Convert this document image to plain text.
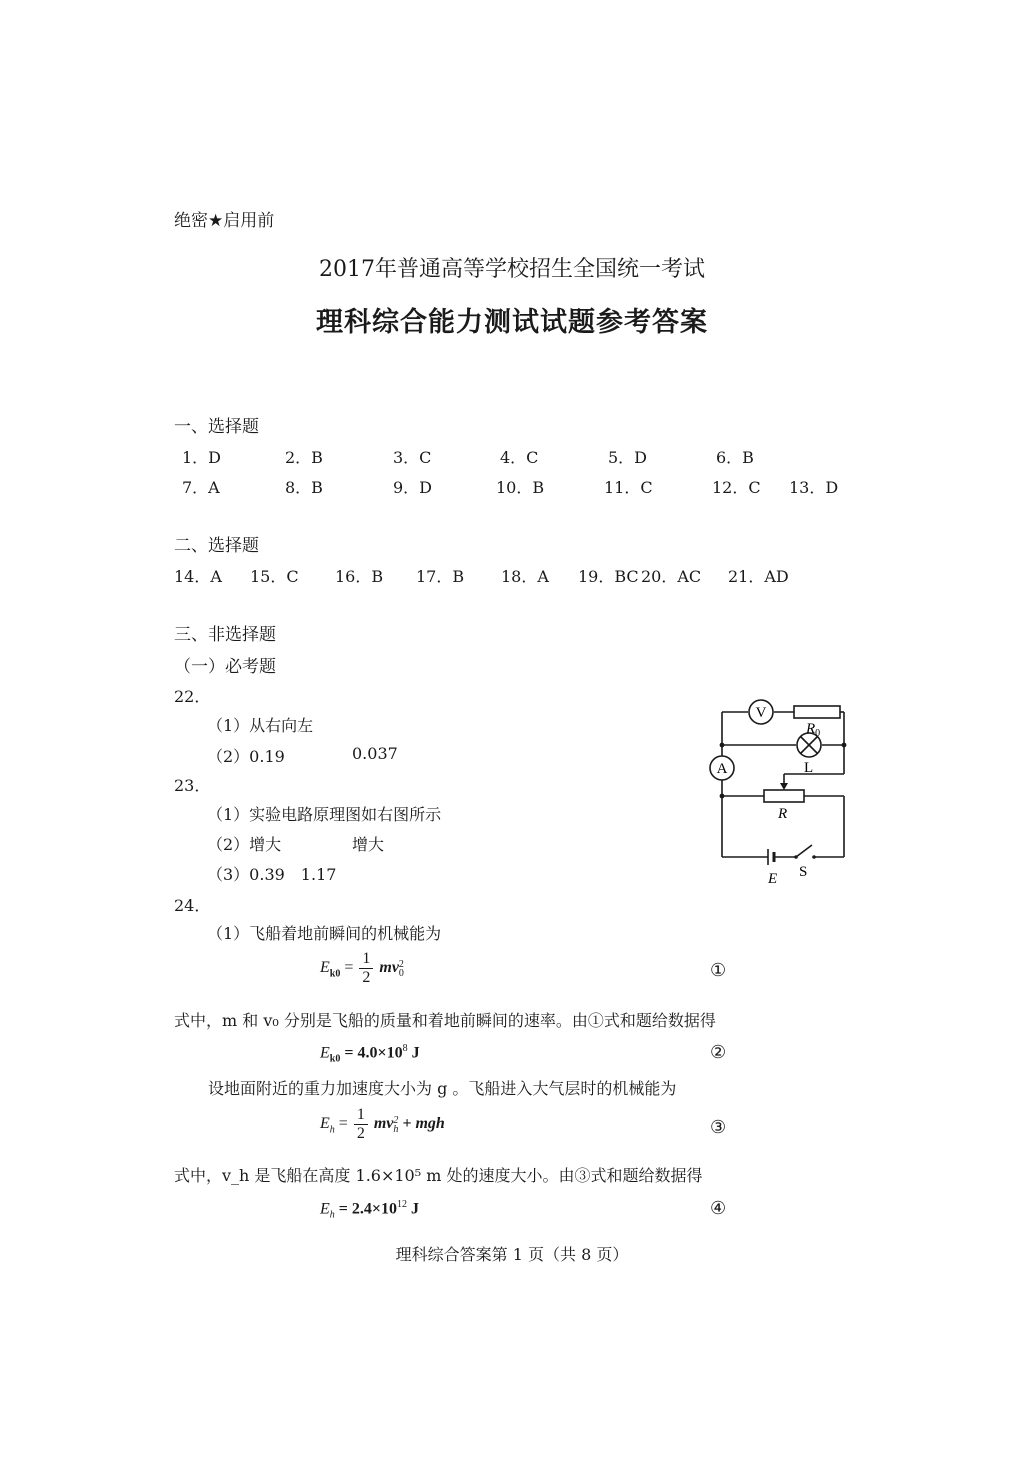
绝密★启用前
2017年普通高等学校招生全国统一考试
理科综合能力测试试题参考答案
一、选择题
1．D	2．B	3．C	4．C	5．D	6．B
7．A	8．B	9．D	10．B	11．C	12．C 13．D
二、选择题
14．A 15．C 16．B 17．B 18．A 19．BC 20．AC 21．AD
三、非选择题
（一）必考题
22．
（1）从右向左
（2）0.19	0.037
23．
（1）实验电路原理图如右图所示
（2）增大	增大
（3）0.39　1.17
24．
（1）飞船着地前瞬间的机械能为
$E_{k0} = \frac{1}{2}$ mv 2
0	①
式中，m 和 v₀ 分别是飞船的质量和着地前瞬间的速率。由①式和题给数据得
$E_{k0} = 4.0\times 10^8$ J	②
设地面附近的重力加速度大小为 g 。飞船进入大气层时的机械能为
$E_h = \frac{1}{2}$ mv 2
h + mgh	③
式中，v_h 是飞船在高度 1.6×10⁵ m 处的速度大小。由③式和题给数据得
$E_h = 2.4\times 10^{12}$ J	④
V
A	L
$R_0$
R
E S
理科综合答案第 1 页（共 8 页）
